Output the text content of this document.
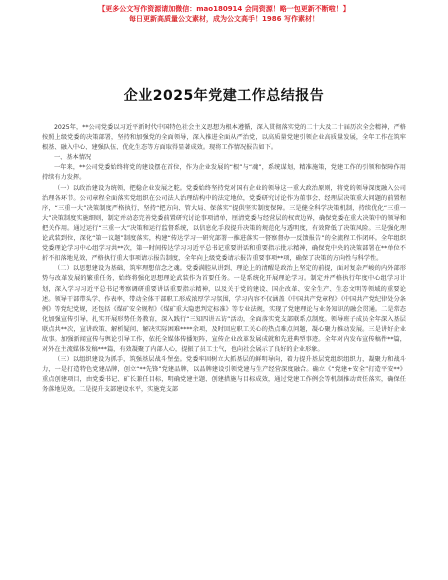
【更多公文写作资源请加微信：mao180914 会同资源！略一包更新不断啦！】
每日更新高质量公文素材，成为公文高手！1986 写作素材！
企业2025年党建工作总结报告

2025年，**公司党委以习近平新时代中国特色社会主义思想为根本遵循，深入贯彻落实党的二十大及二十届历次全会精神，严格按照上级党委的决策部署，坚持和加强党的全面领导，深入推进全面从严治党，以高质量党建引领企业高质量发展，全年工作在筑牢根基、融入中心、建强队伍、优化生态等方面取得显著成效。现将工作情况报告如下。

一、基本情况

一年来，**公司党委始终将党的建设摆在首位，作为企业发展的“根”与“魂”，系统谋划，精准施策，党建工作的引领和保障作用持续有力发挥。

（一）以政治建设为统领，把稳企业发展之舵。党委始终坚持党对国有企业的领导这一重大政治原则，将党的领导深度融入公司治理各环节。公司章程全面落实党组织在公司法人治理结构中的法定地位，党委研究讨论作为董事会、经理层决策重大问题的前置程序，“三重一大”决策制度严格执行，坚持“把方向、管大局、保落实”提供坚实制度保障。三是健全科学决策机制，持续优化“三重一大”决策制度实施细则，制定并动态完善党委前置研究讨论事项清单，厘清党委与经营层的权责边界，确保党委在重大决策中的领导和把关作用。通过运行“三重一大”决策和运行监督系统，以信息化手段提升决策的规范化与透明度，有效降低了决策风险。三是强化理论武装到位，深化“第一议题”制度落实，构建“传达学习一研究部署一推进落实一督察督办一反馈报告”的全流程工作闭环。全年组织党委理论学习中心组学习共**次，第一时间传达学习习近平总书记重要讲话和重要指示批示精神，确保党中央的决策部署在**单位不折不扣落地见效，严格执行重大事项请示报告制度，全年向上级党委请示报告重要事项**项，确保了决策的方向性与科学性。

（二）以思想建设为基础，筑牢理想信念之魂。党委满腔从讲到、理论上的清醒是政治上坚定的前提，面对复杂严峻的内外部形势与改革发展的繁重任务，始终将强化思想理论武装作为首要任务。一是系统化开展理论学习。制定并严格执行年度中心组学习计划，深入学习习近平总书记考察调研重要讲话重要指示精神，以及关于党的建设、国企改革、安全生产、生态文明等领域的重要论述。领导干部带头学、作表率，带动全体干部职工形成浓厚学习氛围，学习内容不仅涵盖《中国共产党章程》《中国共产党纪律处分条例》等党纪党规，还包括《煤矿安全规程》《煤矿重大隐患判定标准》等专业法规，实现了党建理论与业务知识的融会贯通。二是常态化加强宣传引导，扎实开展形势任务教育，深入践行“三知四讲五访”活动，全面落实党支部联系点制度。领导班子成员全年深入基层联点共**次，宣讲政策、解析疑问、解决实际困难****余项，及时回应职工关心的热点难点问题，凝心聚力推动发展。三是讲好企业故事。加强新闻宣传与舆论引导工作，依托全媒体传播矩阵，宣传企业改革发展成就和先进典型事迹。全年对内发布宣传稿件**篇，对外在主流媒体发稿***篇，有效凝聚了内部人心，提振了员工士气，也向社会展示了良好的企业形象。

（三）以组织建设为抓手，筑强基层战斗堡垒。党委牢固树立大抓基层的鲜明导向，着力提升基层党组织组织力，凝聚力和战斗力，一是打造特色党建品牌，创立“**先锋”党建品牌，以品牌建设引领党建与生产经营深度融合。确立《“党建+安全”打造平安**》重点创建项目，由党委书记、矿长兼任目标，明确党建主题、创建措施与目标成效，通过党建工作例会等机制推动责任落实，确保任务落地见效。二是提升支部建设水平，实施党支部
